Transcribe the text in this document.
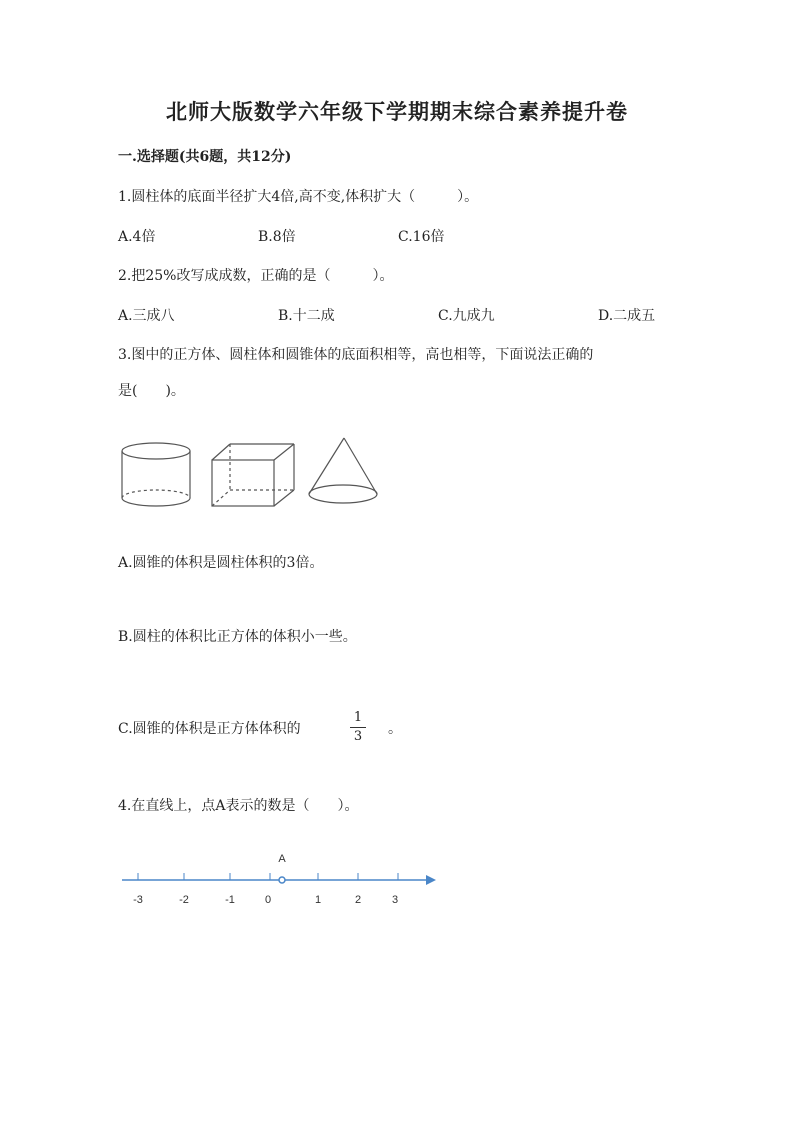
北师大版数学六年级下学期期末综合素养提升卷
一.选择题(共6题，共12分)
1.圆柱体的底面半径扩大4倍,高不变,体积扩大（　　　）。
A.4倍	B.8倍	C.16倍
2.把25%改写成成数，正确的是（　　　）。
A.三成八	B.十二成	C.九成九	D.二成五
3.图中的正方体、圆柱体和圆锥体的底面积相等，高也相等，下面说法正确的
是(　　)。
A.圆锥的体积是圆柱体积的3倍。
B.圆柱的体积比正方体的体积小一些。
C.圆锥的体积是正方体体积的
1
3 。
4.在直线上，点A表示的数是（　　）。
A
-3	-2	-1	0	1	2	3
